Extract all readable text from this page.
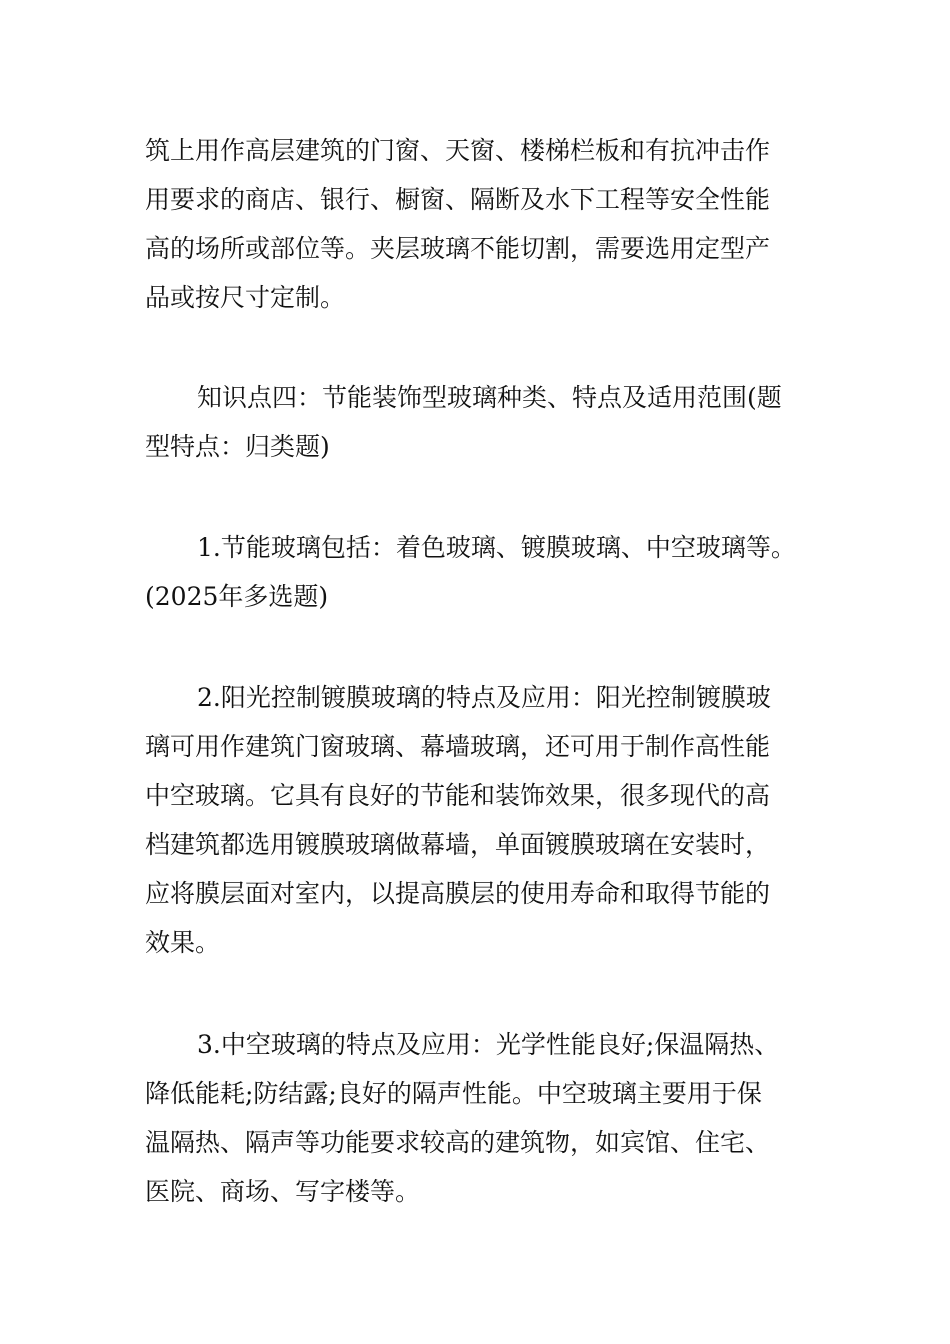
筑上用作高层建筑的门窗、天窗、楼梯栏板和有抗冲击作
用要求的商店、银行、橱窗、隔断及水下工程等安全性能
高的场所或部位等。夹层玻璃不能切割，需要选用定型产
品或按尺寸定制。
知识点四：节能装饰型玻璃种类、特点及适用范围(题
型特点：归类题)
1.节能玻璃包括：着色玻璃、镀膜玻璃、中空玻璃等。
(2025年多选题)
2.阳光控制镀膜玻璃的特点及应用：阳光控制镀膜玻
璃可用作建筑门窗玻璃、幕墙玻璃，还可用于制作高性能
中空玻璃。它具有良好的节能和装饰效果，很多现代的高
档建筑都选用镀膜玻璃做幕墙，单面镀膜玻璃在安装时，
应将膜层面对室内，以提高膜层的使用寿命和取得节能的
效果。
3.中空玻璃的特点及应用：光学性能良好;保温隔热、
降低能耗;防结露;良好的隔声性能。中空玻璃主要用于保
温隔热、隔声等功能要求较高的建筑物，如宾馆、住宅、
医院、商场、写字楼等。
